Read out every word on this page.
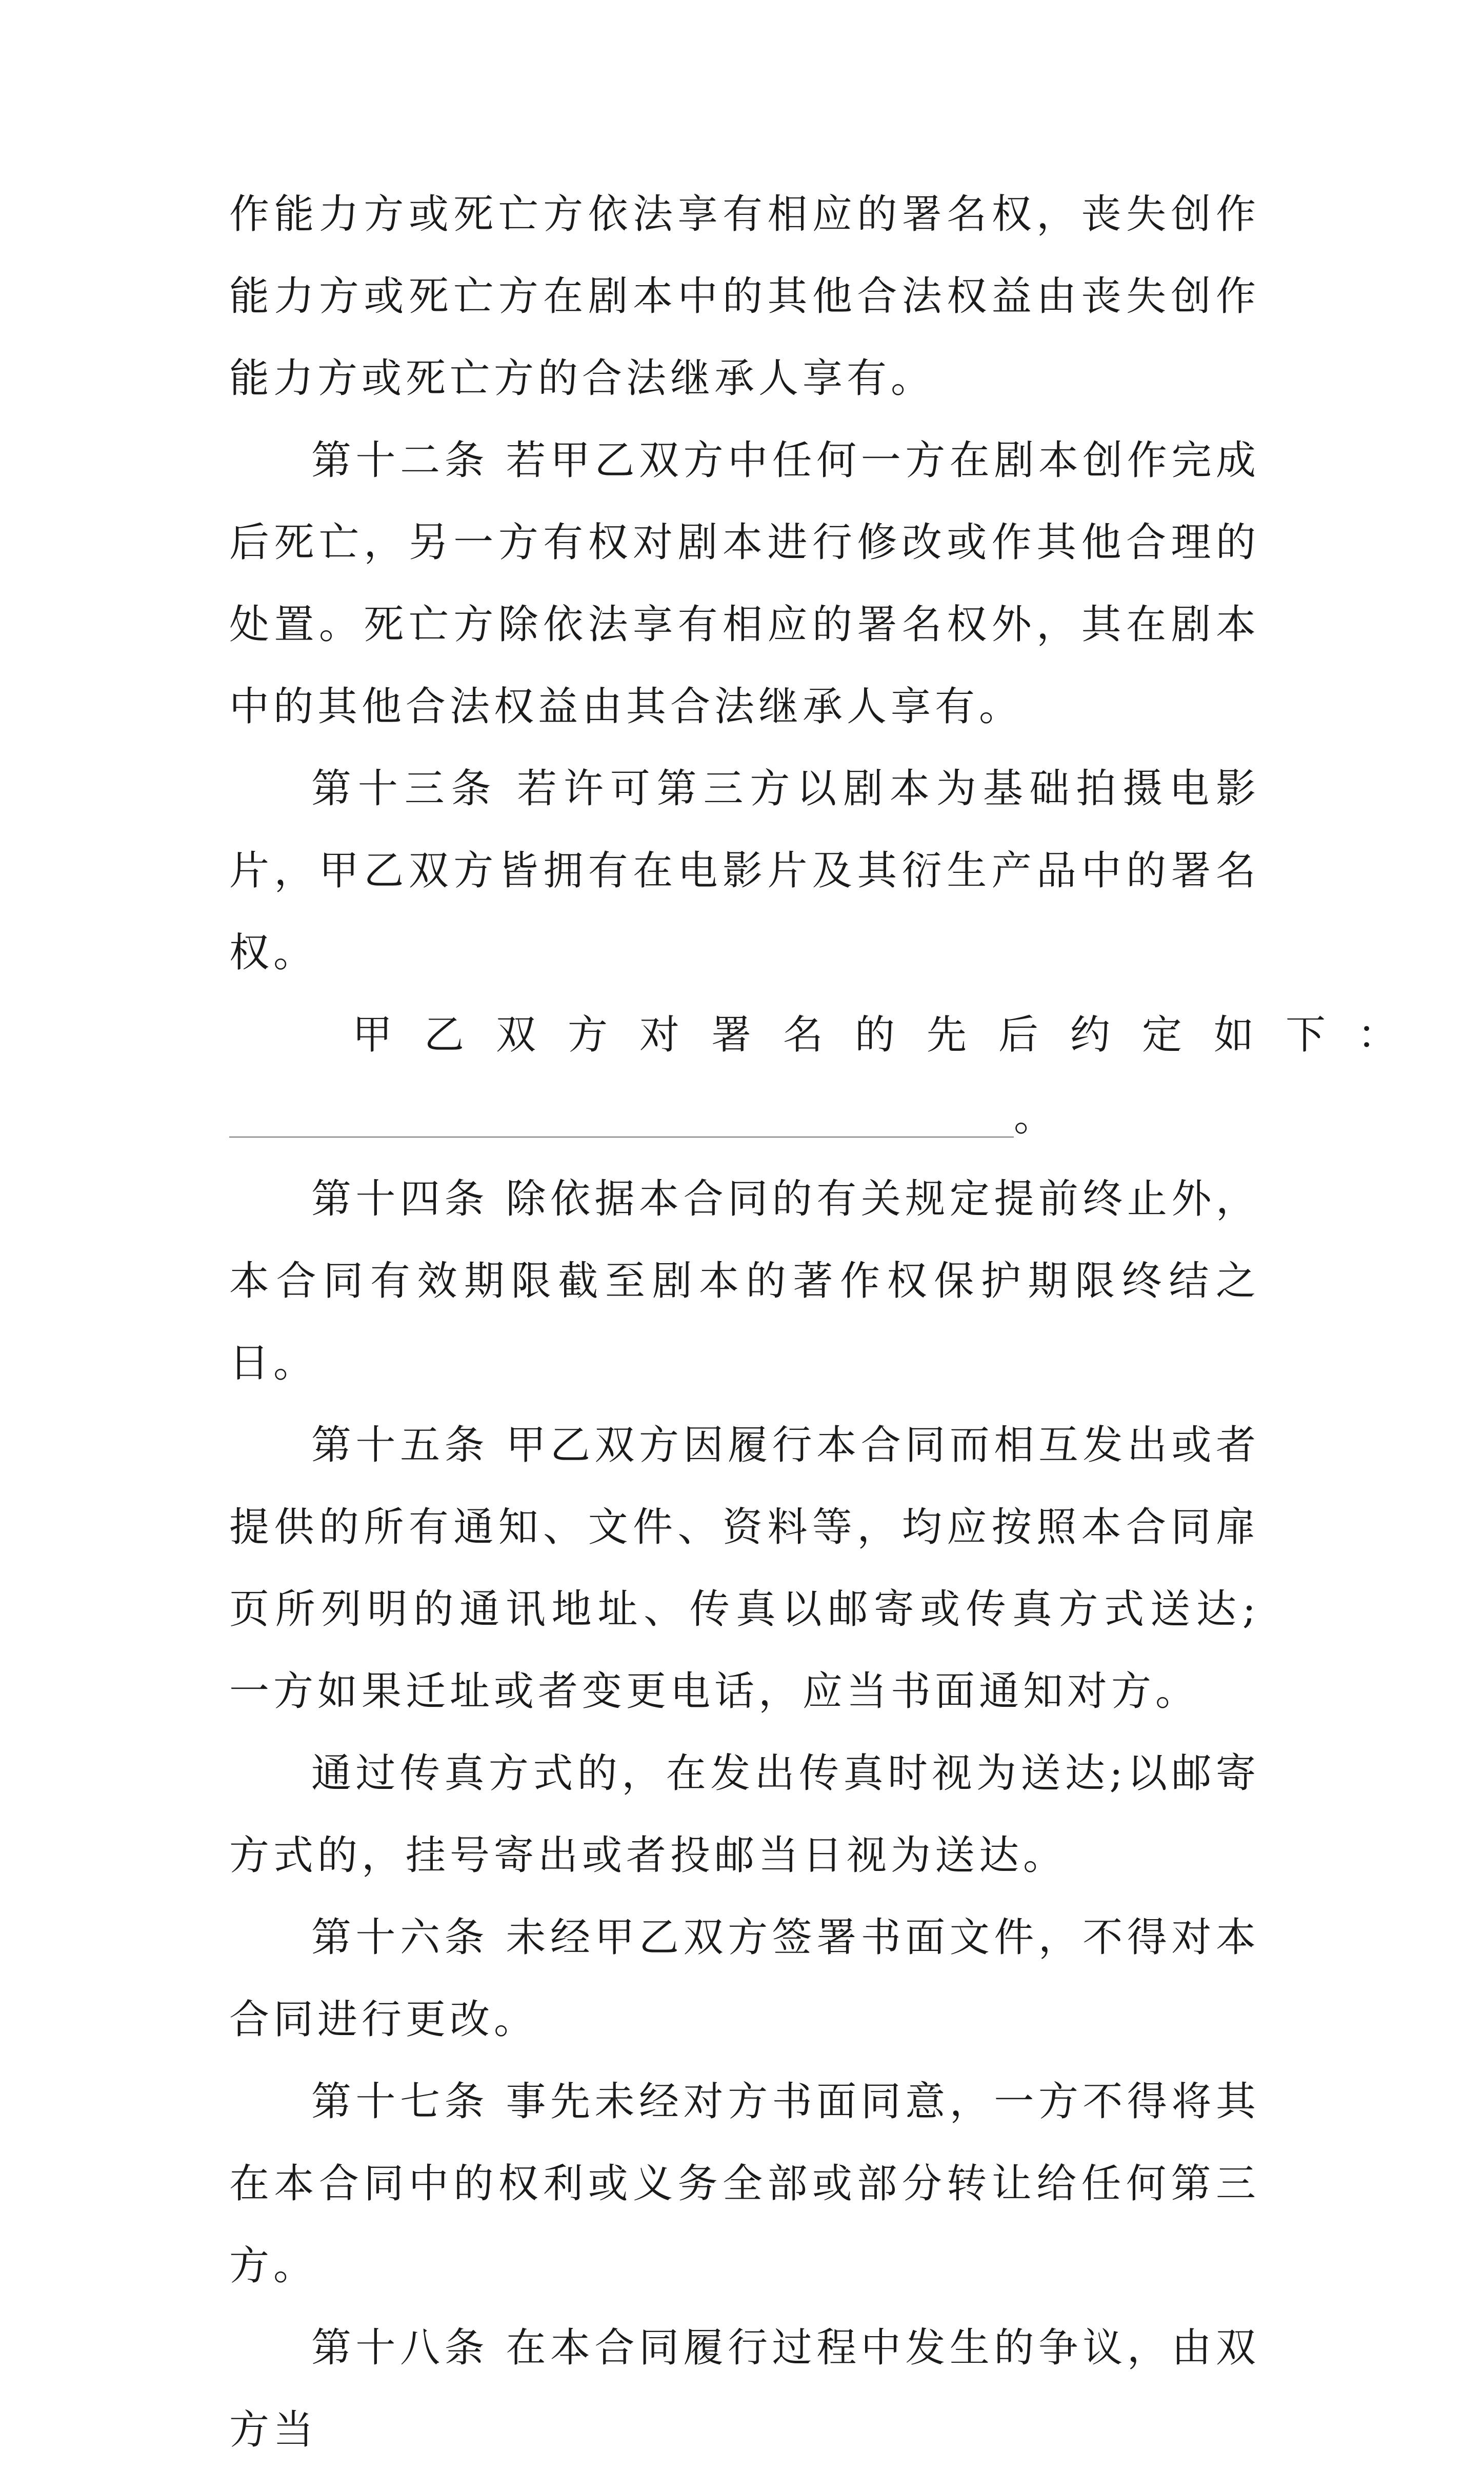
作能力方或死亡方依法享有相应的署名权，丧失创作能力方或死亡方在剧本中的其他合法权益由丧失创作能力方或死亡方的合法继承人享有。

第十二条 若甲乙双方中任何一方在剧本创作完成后死亡，另一方有权对剧本进行修改或作其他合理的处置。死亡方除依法享有相应的署名权外，其在剧本中的其他合法权益由其合法继承人享有。

第十三条 若许可第三方以剧本为基础拍摄电影片，甲乙双方皆拥有在电影片及其衍生产品中的署名权。

甲乙双方对署名的先后约定如下：

。

第十四条 除依据本合同的有关规定提前终止外，本合同有效期限截至剧本的著作权保护期限终结之日。

第十五条 甲乙双方因履行本合同而相互发出或者提供的所有通知、文件、资料等，均应按照本合同扉页所列明的通讯地址、传真以邮寄或传真方式送达;一方如果迁址或者变更电话，应当书面通知对方。

通过传真方式的，在发出传真时视为送达;以邮寄方式的，挂号寄出或者投邮当日视为送达。

第十六条 未经甲乙双方签署书面文件，不得对本合同进行更改。

第十七条 事先未经对方书面同意，一方不得将其在本合同中的权利或义务全部或部分转让给任何第三方。

第十八条 在本合同履行过程中发生的争议，由双方当
